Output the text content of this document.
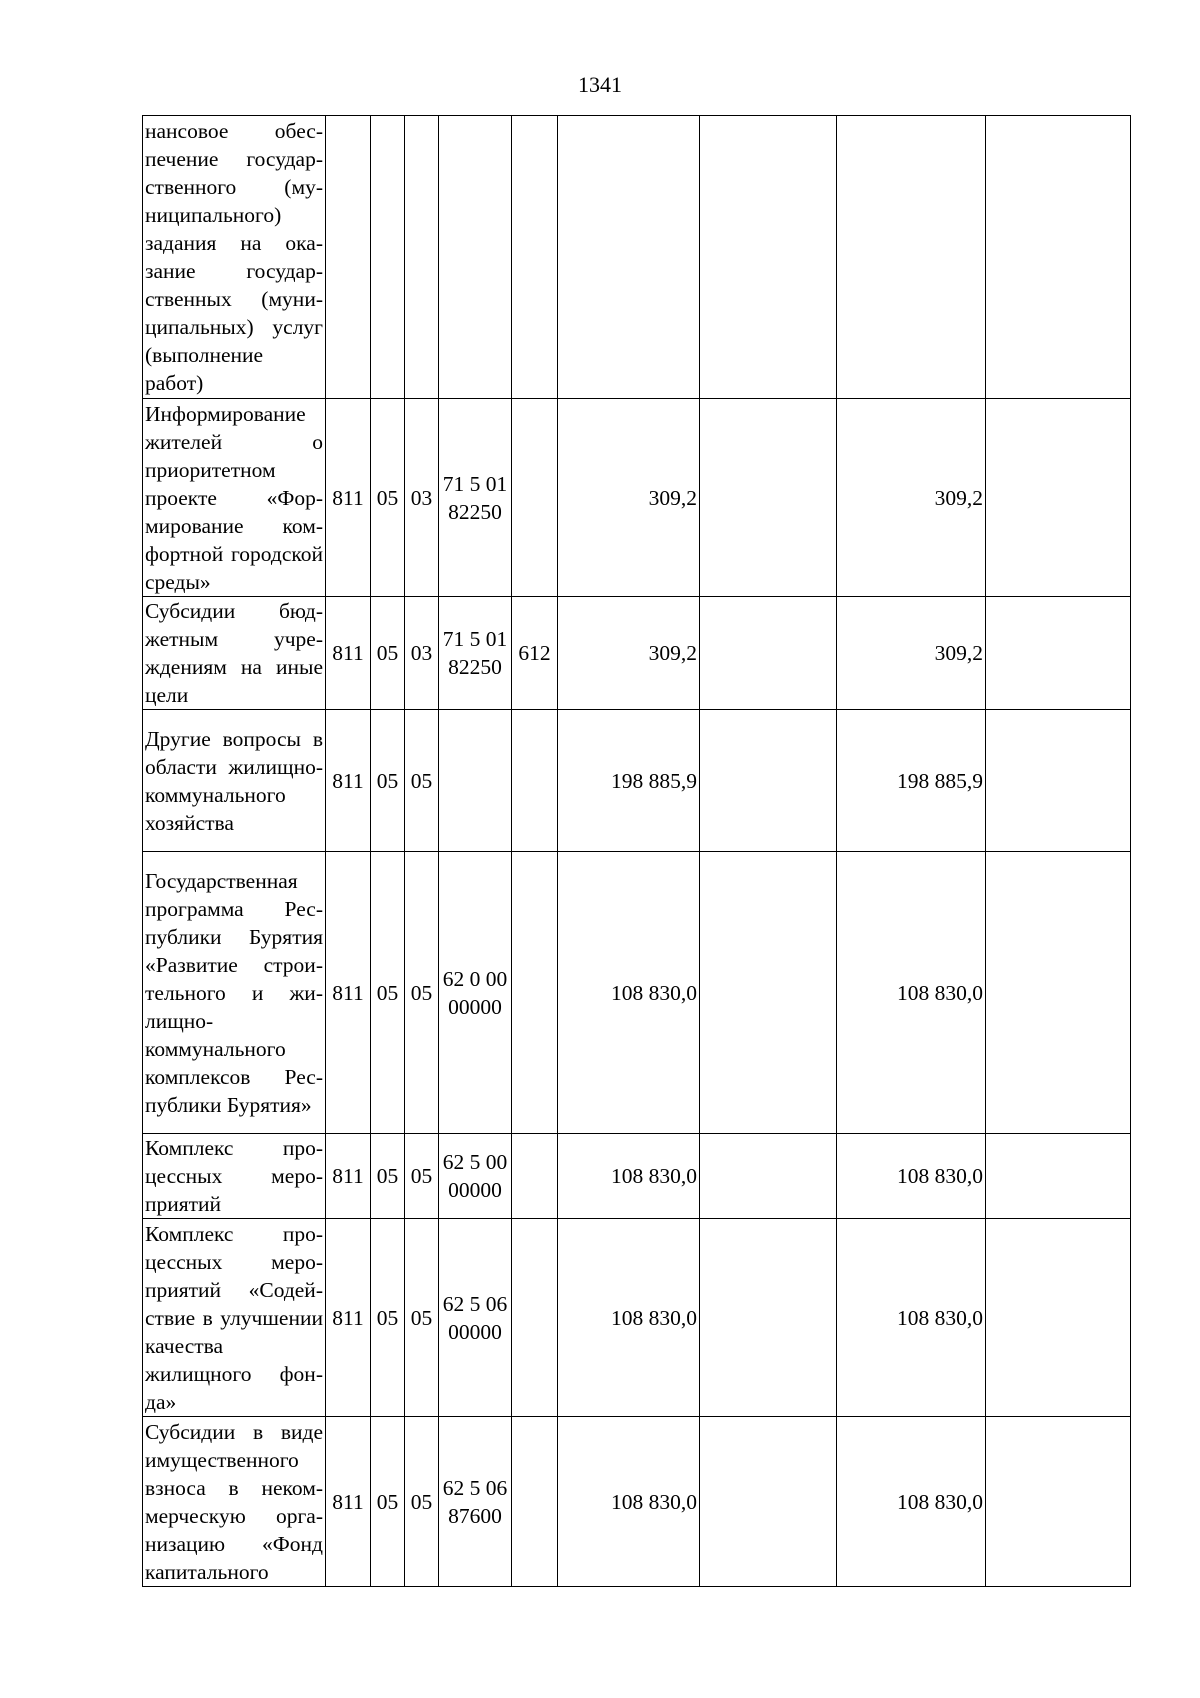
1341
нансовое обеспечение государственного (муниципального) задания на оказание государственных (муниципальных) услуг (выполнение работ)									
Информирование жителей о приоритетном проекте «Формирование комфортной городской среды»	811	05	03	71 5 01 82250		309,2		309,2	
Субсидии бюджетным учреждениям на иные цели	811	05	03	71 5 01 82250	612	309,2		309,2	
Другие вопросы в области жилищно-коммунального хозяйства	811	05	05			198 885,9		198 885,9	
Государственная программа Республики Бурятия «Развитие строительного и жилищно-коммунального комплексов Республики Бурятия»	811	05	05	62 0 00 00000		108 830,0		108 830,0	
Комплекс процессных мероприятий	811	05	05	62 5 00 00000		108 830,0		108 830,0	
Комплекс процессных мероприятий «Содействие в улучшении качества жилищного фонда»	811	05	05	62 5 06 00000		108 830,0		108 830,0	
Субсидии в виде имущественного взноса в некоммерческую организацию «Фонд капитального	811	05	05	62 5 06 87600		108 830,0		108 830,0	
